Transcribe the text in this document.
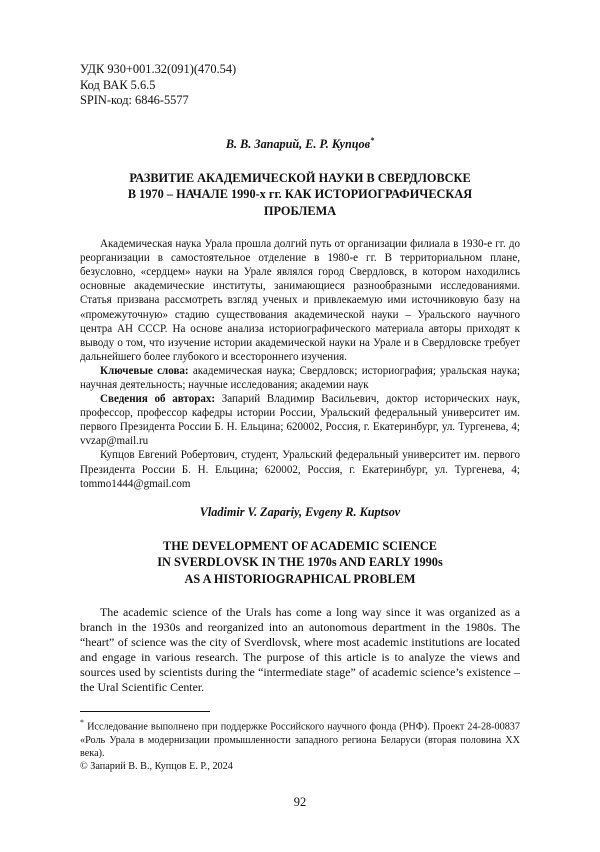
УДК 930+001.32(091)(470.54)
Код ВАК 5.6.5
SPIN-код: 6846-5577
В. В. Запарий, Е. Р. Купцов*
РАЗВИТИЕ АКАДЕМИЧЕСКОЙ НАУКИ В СВЕРДЛОВСКЕ
В 1970 – НАЧАЛЕ 1990-х гг. КАК ИСТОРИОГРАФИЧЕСКАЯ
ПРОБЛЕМА

Академическая наука Урала прошла долгий путь от организации филиала в 1930-е гг. до реорганизации в самостоятельное отделение в 1980-е гг. В территориальном плане, безусловно, «сердцем» науки на Урале являлся город Свердловск, в котором находились основные академические институты, занимающиеся разнообразными исследованиями. Статья призвана рассмотреть взгляд ученых и привлекаемую ими источниковую базу на «промежуточную» стадию существования академической науки – Уральского научного центра АН СССР. На основе анализа историографического материала авторы приходят к выводу о том, что изучение истории академической науки на Урале и в Свердловске требует дальнейшего более глубокого и всестороннего изучения.

Ключевые слова: академическая наука; Свердловск; историография; уральская наука; научная деятельность; научные исследования; академии наук

Сведения об авторах: Запарий Владимир Васильевич, доктор исторических наук, профессор, профессор кафедры истории России, Уральский федеральный университет им. первого Президента России Б. Н. Ельцина; 620002, Россия, г. Екатеринбург, ул. Тургенева, 4; vvzap@mail.ru

Купцов Евгений Робертович, студент, Уральский федеральный университет им. первого Президента России Б. Н. Ельцина; 620002, Россия, г. Екатеринбург, ул. Тургенева, 4; tommo1444@gmail.com

Vladimir V. Zapariy, Evgeny R. Kuptsov
THE DEVELOPMENT OF ACADEMIC SCIENCE
IN SVERDLOVSK IN THE 1970s AND EARLY 1990s
AS A HISTORIOGRAPHICAL PROBLEM

The academic science of the Urals has come a long way since it was organized as a branch in the 1930s and reorganized into an autonomous department in the 1980s. The “heart” of science was the city of Sverdlovsk, where most academic institutions are located and engage in various research. The purpose of this article is to analyze the views and sources used by scientists during the “intermediate stage” of academic science’s existence – the Ural Scientific Center.

* Исследование выполнено при поддержке Российского научного фонда (РНФ). Проект 24-28-00837 «Роль Урала в модернизации промышленности западного региона Беларуси (вторая половина XX века).

© Запарий В. В., Купцов Е. Р., 2024

92
